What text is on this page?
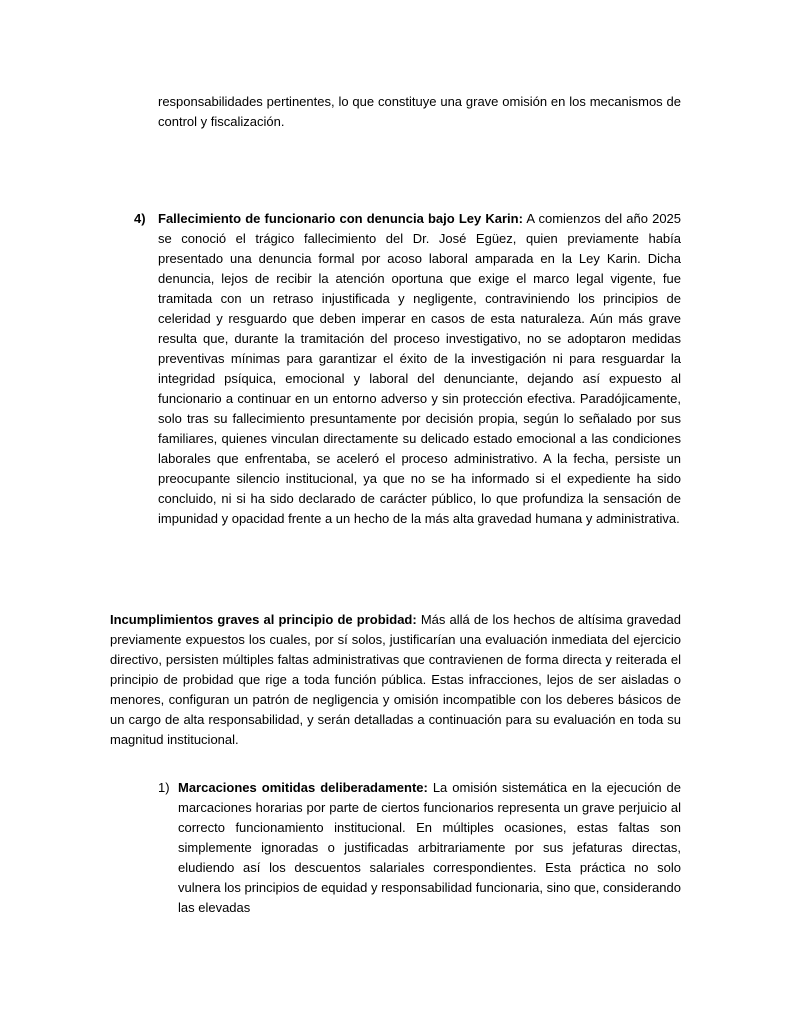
responsabilidades pertinentes, lo que constituye una grave omisión en los mecanismos de control y fiscalización.

4) Fallecimiento de funcionario con denuncia bajo Ley Karin: A comienzos del año 2025 se conoció el trágico fallecimiento del Dr. José Egüez, quien previamente había presentado una denuncia formal por acoso laboral amparada en la Ley Karin. Dicha denuncia, lejos de recibir la atención oportuna que exige el marco legal vigente, fue tramitada con un retraso injustificada y negligente, contraviniendo los principios de celeridad y resguardo que deben imperar en casos de esta naturaleza. Aún más grave resulta que, durante la tramitación del proceso investigativo, no se adoptaron medidas preventivas mínimas para garantizar el éxito de la investigación ni para resguardar la integridad psíquica, emocional y laboral del denunciante, dejando así expuesto al funcionario a continuar en un entorno adverso y sin protección efectiva. Paradójicamente, solo tras su fallecimiento presuntamente por decisión propia, según lo señalado por sus familiares, quienes vinculan directamente su delicado estado emocional a las condiciones laborales que enfrentaba, se aceleró el proceso administrativo. A la fecha, persiste un preocupante silencio institucional, ya que no se ha informado si el expediente ha sido concluido, ni si ha sido declarado de carácter público, lo que profundiza la sensación de impunidad y opacidad frente a un hecho de la más alta gravedad humana y administrativa.

Incumplimientos graves al principio de probidad: Más allá de los hechos de altísima gravedad previamente expuestos los cuales, por sí solos, justificarían una evaluación inmediata del ejercicio directivo, persisten múltiples faltas administrativas que contravienen de forma directa y reiterada el principio de probidad que rige a toda función pública. Estas infracciones, lejos de ser aisladas o menores, configuran un patrón de negligencia y omisión incompatible con los deberes básicos de un cargo de alta responsabilidad, y serán detalladas a continuación para su evaluación en toda su magnitud institucional.

1) Marcaciones omitidas deliberadamente: La omisión sistemática en la ejecución de marcaciones horarias por parte de ciertos funcionarios representa un grave perjuicio al correcto funcionamiento institucional. En múltiples ocasiones, estas faltas son simplemente ignoradas o justificadas arbitrariamente por sus jefaturas directas, eludiendo así los descuentos salariales correspondientes. Esta práctica no solo vulnera los principios de equidad y responsabilidad funcionaria, sino que, considerando las elevadas
